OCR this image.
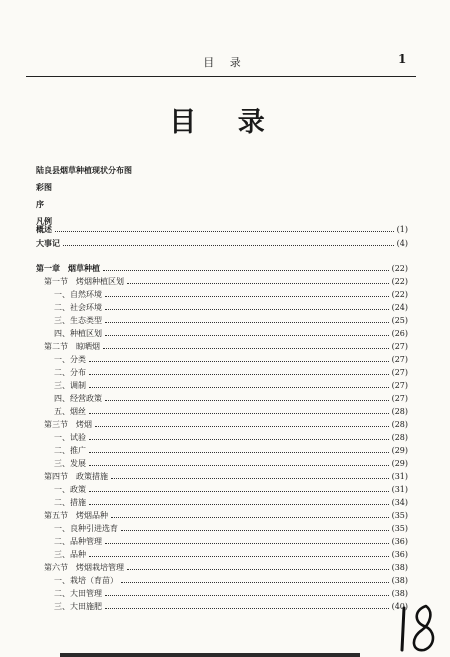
目 录	1
目 录
陆良县烟草种植现状分布图
彩图
序
凡例
概述	(1)
大事记	(4)
第一章　烟草种植	(22)
第一节　烤烟种植区划	(22)
一、自然环境	(22)
二、社会环境	(24)
三、生态类型	(25)
四、种植区划	(26)
第二节　晾晒烟	(27)
一、分类	(27)
二、分布	(27)
三、调制	(27)
四、经营政策	(27)
五、烟丝	(28)
第三节　烤烟	(28)
一、试验	(28)
二、推广	(29)
三、发展	(29)
第四节　政策措施	(31)
一、政策	(31)
二、措施	(34)
第五节　烤烟品种	(35)
一、良种引进选育	(35)
二、品种管理	(36)
三、品种	(36)
第六节　烤烟栽培管理	(38)
一、栽培（育苗）	(38)
二、大田管理	(38)
三、大田施肥	(40)
